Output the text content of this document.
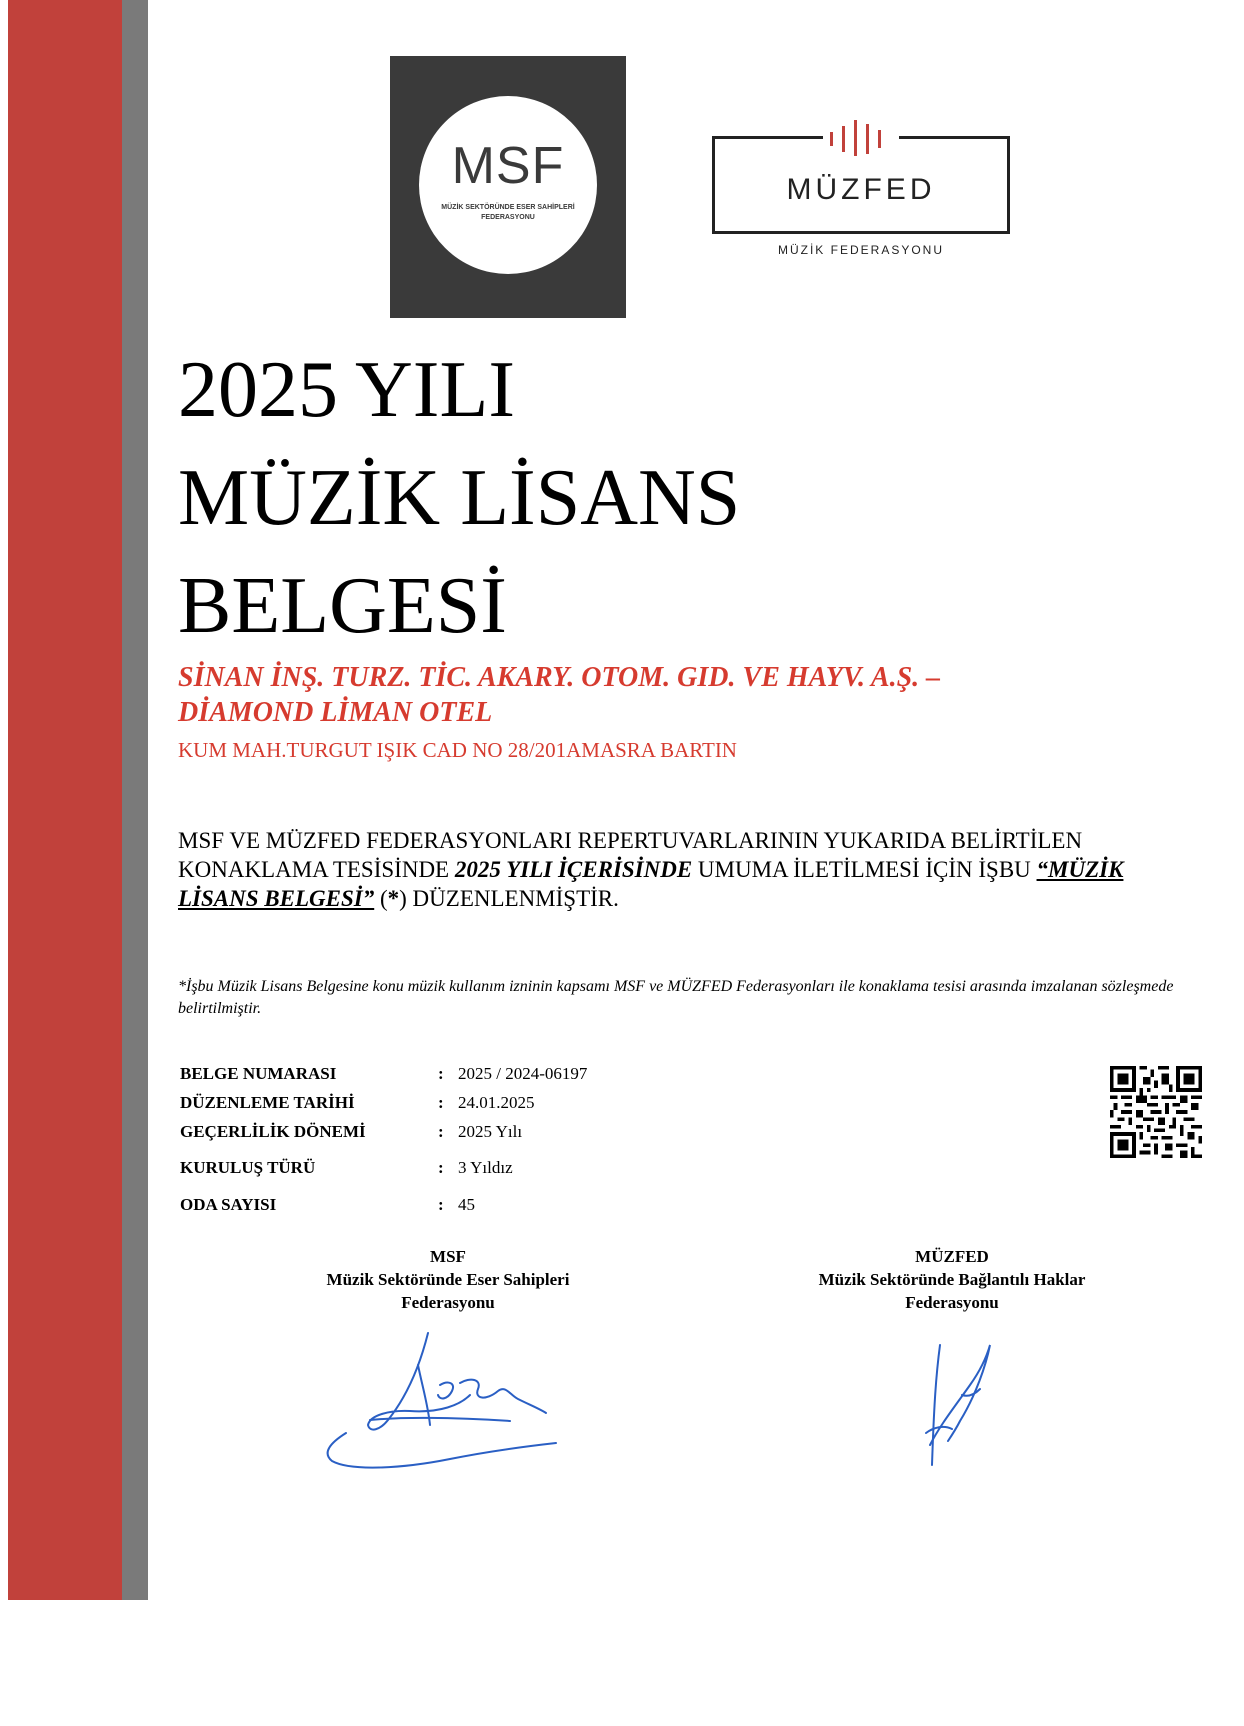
MSF
MÜZİK SEKTÖRÜNDE ESER SAHİPLERİ
FEDERASYONU
MÜZFED
MÜZİK FEDERASYONU
2025 YILI
MÜZİK LİSANS
BELGESİ
SİNAN İNŞ. TURZ. TİC. AKARY. OTOM. GID. VE HAYV. A.Ş. –
DİAMOND LİMAN OTEL
KUM MAH.TURGUT IŞIK CAD NO 28/201AMASRA BARTIN
MSF VE MÜZFED FEDERASYONLARI REPERTUVARLARININ YUKARIDA BELİRTİLEN KONAKLAMA TESİSİNDE 2025 YILI İÇERİSİNDE UMUMA İLETİLMESİ İÇİN İŞBU “MÜZİK LİSANS BELGESİ” (*) DÜZENLENMİŞTİR.
*İşbu Müzik Lisans Belgesine konu müzik kullanım izninin kapsamı MSF ve MÜZFED Federasyonları ile konaklama tesisi arasında imzalanan sözleşmede belirtilmiştir.
BELGE NUMARASI	: 2025 / 2024-06197
DÜZENLEME TARİHİ	: 24.01.2025
GEÇERLİLİK DÖNEMİ	: 2025 Yılı
KURULUŞ TÜRÜ	: 3 Yıldız
ODA SAYISI	: 45
MSF
Müzik Sektöründe Eser Sahipleri
Federasyonu
MÜZFED
Müzik Sektöründe Bağlantılı Haklar
Federasyonu
